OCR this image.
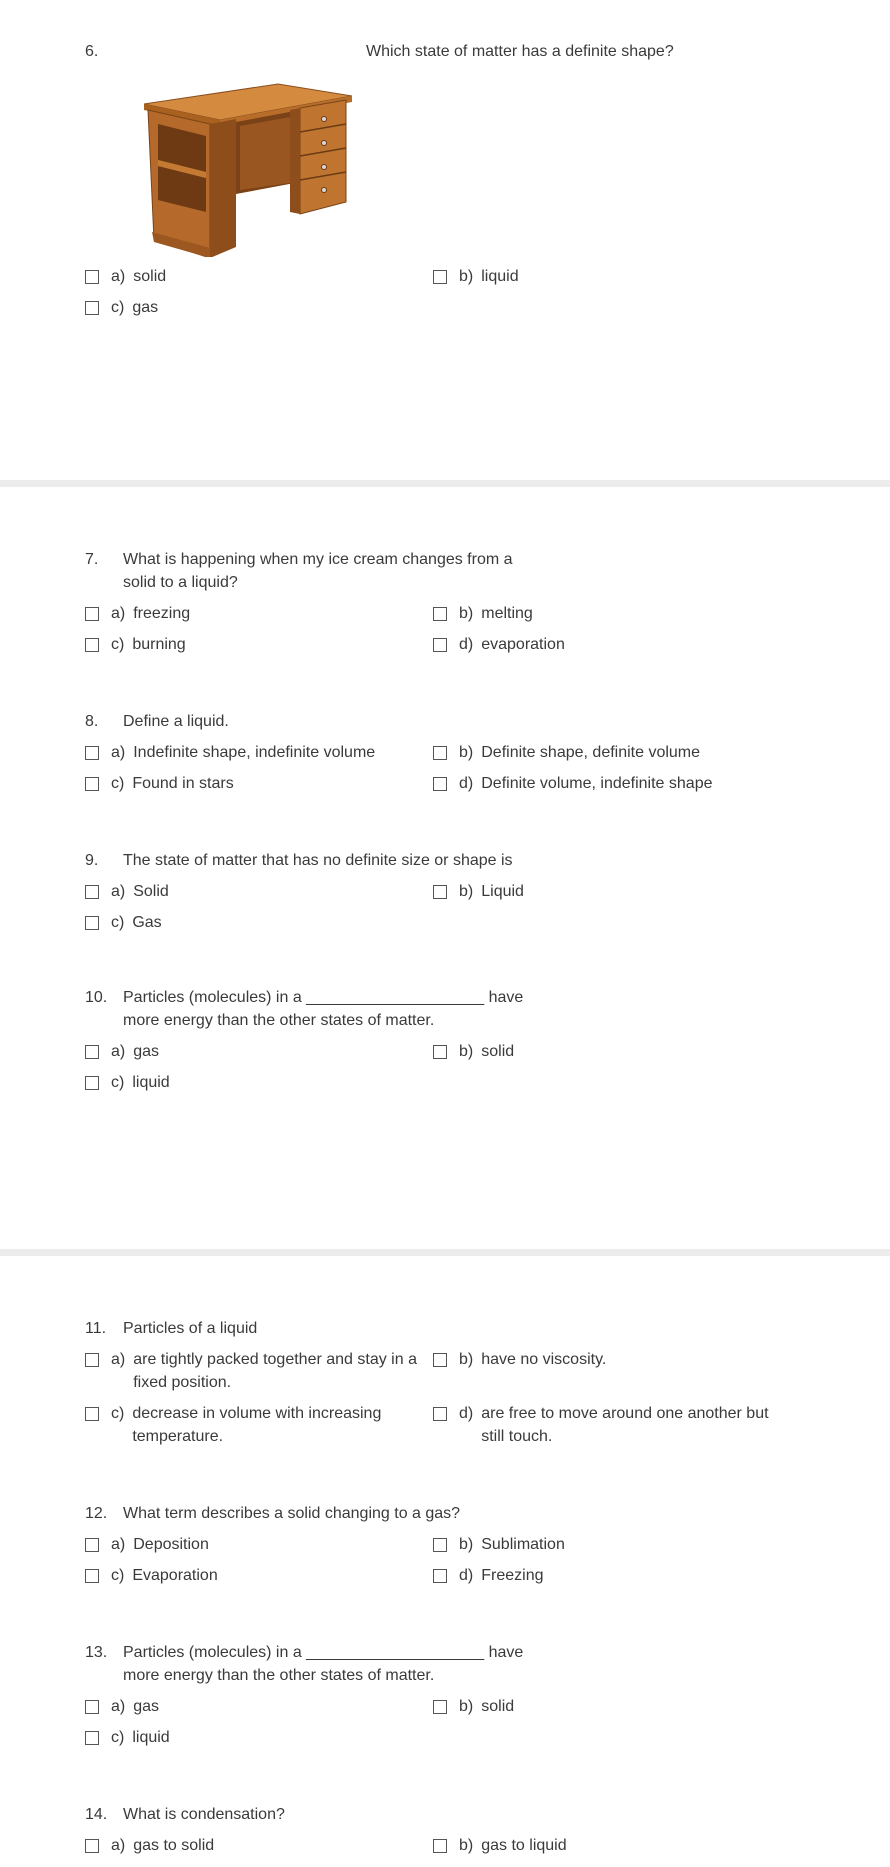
6.	Which state of matter has a definite shape?
a) solid	b) liquid
c) gas
7.	What is happening when my ice cream changes from a solid to a liquid?
a) freezing	b) melting
c) burning	d) evaporation
8.	Define a liquid.
a) Indefinite shape, indefinite volume	b) Definite shape, definite volume
c) Found in stars	d) Definite volume, indefinite shape
9.	The state of matter that has no definite size or shape is
a) Solid	b) Liquid
c) Gas
10. Particles (molecules) in a ____________________ have more energy than the other states of matter.
a) gas	b) solid
c) liquid
11.	Particles of a liquid
a) are tightly packed together and stay in a fixed position.
b) have no viscosity.
c) decrease in volume with increasing temperature.
d) are free to move around one another but still touch.
12. What term describes a solid changing to a gas?
a) Deposition	b) Sublimation
c) Evaporation	d) Freezing
13. Particles (molecules) in a ____________________ have more energy than the other states of matter.
a) gas	b) solid
c) liquid
14. What is condensation?
a) gas to solid	b) gas to liquid
